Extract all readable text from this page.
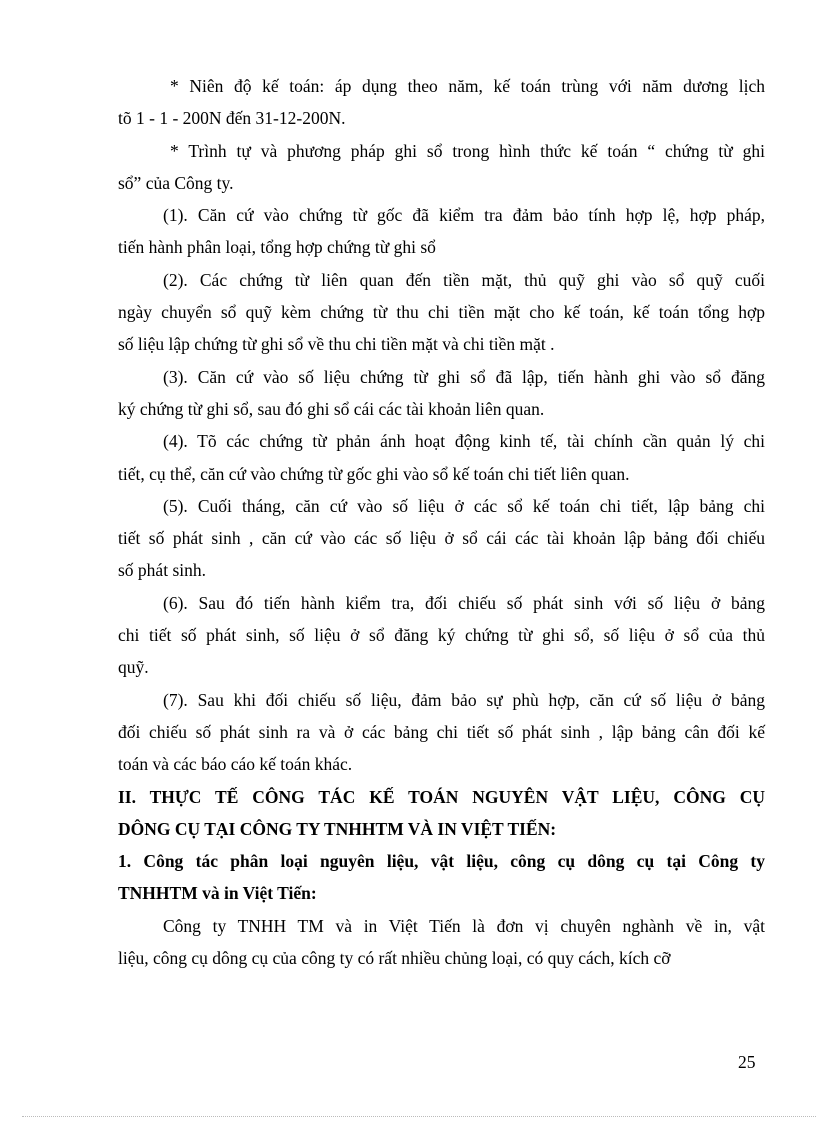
* Niên độ kế toán: áp dụng theo năm, kế toán trùng với năm dương lịch
tõ 1 - 1 - 200N đến 31-12-200N.
* Trình tự và phương pháp ghi sổ trong hình thức kế toán “ chứng từ ghi
sổ” của Công ty.
(1). Căn cứ vào chứng từ gốc đã kiểm tra đảm bảo tính hợp lệ, hợp pháp,
tiến hành phân loại, tổng hợp chứng từ ghi sổ
(2). Các chứng từ liên quan đến tiền mặt, thủ quỹ ghi vào sổ quỹ cuối
ngày chuyển sổ quỹ kèm chứng từ thu chi tiền mặt cho kế toán, kế toán tổng hợp
số liệu lập chứng từ ghi sổ về thu chi tiền mặt và chi tiền mặt .
(3). Căn cứ vào số liệu chứng từ ghi sổ đã lập, tiến hành ghi vào sổ đăng
ký chứng từ ghi sổ, sau đó ghi sổ cái các tài khoản liên quan.
(4). Tõ các chứng từ phản ánh hoạt động kinh tế, tài chính cần quản lý chi
tiết, cụ thể, căn cứ vào chứng từ gốc ghi vào sổ kế toán chi tiết liên quan.
(5). Cuối tháng, căn cứ vào số liệu ở các sổ kế toán chi tiết, lập bảng chi
tiết số phát sinh , căn cứ vào các số liệu ở sổ cái các tài khoản lập bảng đối chiếu
số phát sinh.
(6). Sau đó tiến hành kiểm tra, đối chiếu số phát sinh với số liệu ở bảng
chi tiết số phát sinh, số liệu ở sổ đăng ký chứng từ ghi sổ, số liệu ở sổ của thủ
quỹ.
(7). Sau khi đối chiếu số liệu, đảm bảo sự phù hợp, căn cứ số liệu ở bảng
đối chiếu số phát sinh ra và ở các bảng chi tiết số phát sinh , lập bảng cân đối kế
toán và các báo cáo kế toán khác.
II. THỰC TẾ CÔNG TÁC KẾ TOÁN NGUYÊN VẬT LIỆU, CÔNG CỤ
DÔNG CỤ TẠI CÔNG TY TNHHTM VÀ IN VIỆT TIẾN:
1. Công tác phân loại nguyên liệu, vật liệu, công cụ dông cụ tại Công ty
TNHHTM và in Việt Tiến:
Công ty TNHH TM và in Việt Tiến là đơn vị chuyên nghành về in, vật
liệu, công cụ dông cụ của công ty có rất nhiều chủng loại, có quy cách, kích cỡ
25
